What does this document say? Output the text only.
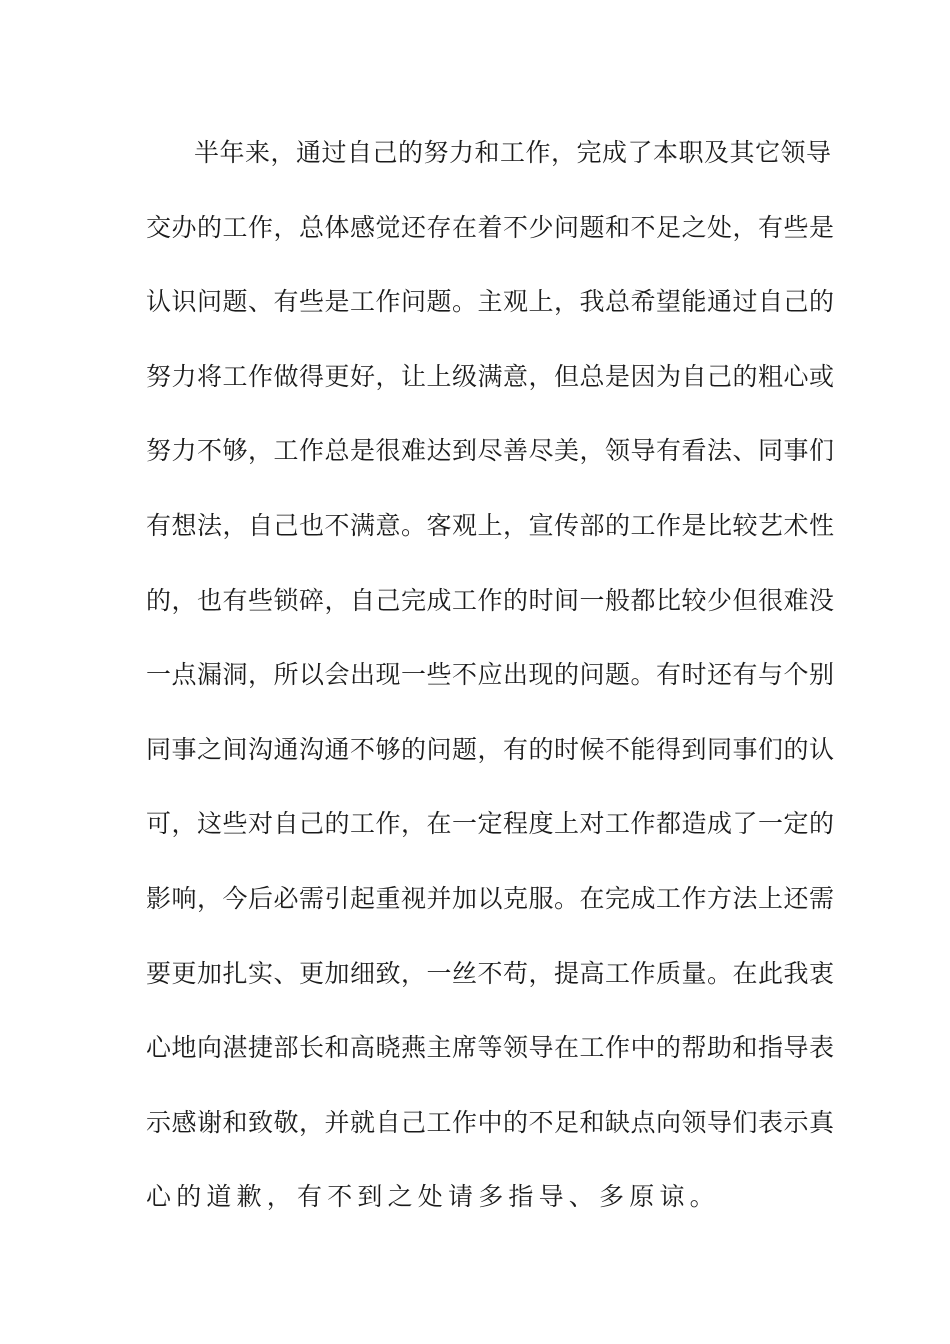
半年来，通过自己的努力和工作，完成了本职及其它领导
交办的工作，总体感觉还存在着不少问题和不足之处，有些是
认识问题、有些是工作问题。主观上，我总希望能通过自己的
努力将工作做得更好，让上级满意，但总是因为自己的粗心或
努力不够，工作总是很难达到尽善尽美，领导有看法、同事们
有想法，自己也不满意。客观上，宣传部的工作是比较艺术性
的，也有些锁碎，自己完成工作的时间一般都比较少但很难没
一点漏洞，所以会出现一些不应出现的问题。有时还有与个别
同事之间沟通沟通不够的问题，有的时候不能得到同事们的认
可，这些对自己的工作，在一定程度上对工作都造成了一定的
影响，今后必需引起重视并加以克服。在完成工作方法上还需
要更加扎实、更加细致，一丝不苟，提高工作质量。在此我衷
心地向湛捷部长和高晓燕主席等领导在工作中的帮助和指导表
示感谢和致敬，并就自己工作中的不足和缺点向领导们表示真
心的道歉，有不到之处请多指导、多原谅。
